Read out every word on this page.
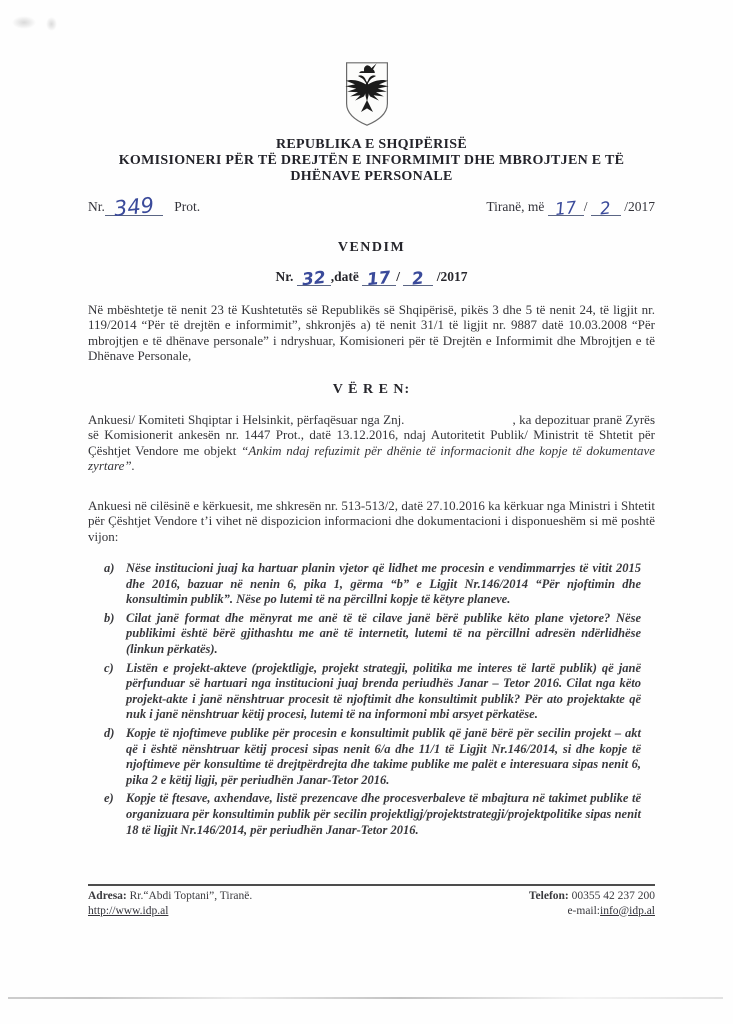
REPUBLIKA E SHQIPËRISË
KOMISIONERI PËR TË DREJTËN E INFORMIMIT DHE MBROJTJEN E TË
DHËNAVE PERSONALE
Nr. 349 Prot.	Tiranë, më 17 / 2 /2017
VENDIM
Nr. 32 ,datë 17 / 2 /2017
Në mbështetje të nenit 23 të Kushtetutës së Republikës së Shqipërisë, pikës 3 dhe 5 të nenit 24, të ligjit nr. 119/2014 “Për të drejtën e informimit”, shkronjës a) të nenit 31/1 të ligjit nr. 9887 datë 10.03.2008 “Për mbrojtjen e të dhënave personale” i ndryshuar, Komisioneri për të Drejtën e Informimit dhe Mbrojtjen e të Dhënave Personale,
V Ë R E N:
Ankuesi/ Komiteti Shqiptar i Helsinkit, përfaqësuar nga Znj.	, ka depozituar pranë Zyrës së Komisionerit ankesën nr. 1447 Prot., datë 13.12.2016, ndaj Autoritetit Publik/ Ministrit të Shtetit për Çështjet Vendore me objekt “Ankim ndaj refuzimit për dhënie të informacionit dhe kopje të dokumentave zyrtare”.
Ankuesi në cilësinë e kërkuesit, me shkresën nr. 513-513/2, datë 27.10.2016 ka kërkuar nga Ministri i Shtetit për Çështjet Vendore t’i vihet në dispozicion informacioni dhe dokumentacioni i disponueshëm si më poshtë vijon:
a) Nëse institucioni juaj ka hartuar planin vjetor që lidhet me procesin e vendimmarrjes të vitit 2015 dhe 2016, bazuar në nenin 6, pika 1, gërma “b” e Ligjit Nr.146/2014 “Për njoftimin dhe konsultimin publik”. Nëse po lutemi të na përcillni kopje të këtyre planeve.
b) Cilat janë format dhe mënyrat me anë të të cilave janë bërë publike këto plane vjetore? Nëse publikimi është bërë gjithashtu me anë të internetit, lutemi të na përcillni adresën ndërlidhëse (linkun përkatës).
c) Listën e projekt-akteve (projektligje, projekt strategji, politika me interes të lartë publik) që janë përfunduar së hartuari nga institucioni juaj brenda periudhës Janar – Tetor 2016. Cilat nga këto projekt-akte i janë nënshtruar procesit të njoftimit dhe konsultimit publik? Për ato projektakte që nuk i janë nënshtruar këtij procesi, lutemi të na informoni mbi arsyet përkatëse.
d) Kopje të njoftimeve publike për procesin e konsultimit publik që janë bërë për secilin projekt – akt që i është nënshtruar këtij procesi sipas nenit 6/a dhe 11/1 të Ligjit Nr.146/2014, si dhe kopje të njoftimeve për konsultime të drejtpërdrejta dhe takime publike me palët e interesuara sipas nenit 6, pika 2 e këtij ligji, për periudhën Janar-Tetor 2016.
e) Kopje të ftesave, axhendave, listë prezencave dhe procesverbaleve të mbajtura në takimet publike të organizuara për konsultimin publik për secilin projektligj/projektstrategji/projektpolitike sipas nenit 18 të ligjit Nr.146/2014, për periudhën Janar-Tetor 2016.
Adresa: Rr.“Abdi Toptani”, Tiranë.
http://www.idp.al
Telefon: 00355 42 237 200
e-mail:info@idp.al
